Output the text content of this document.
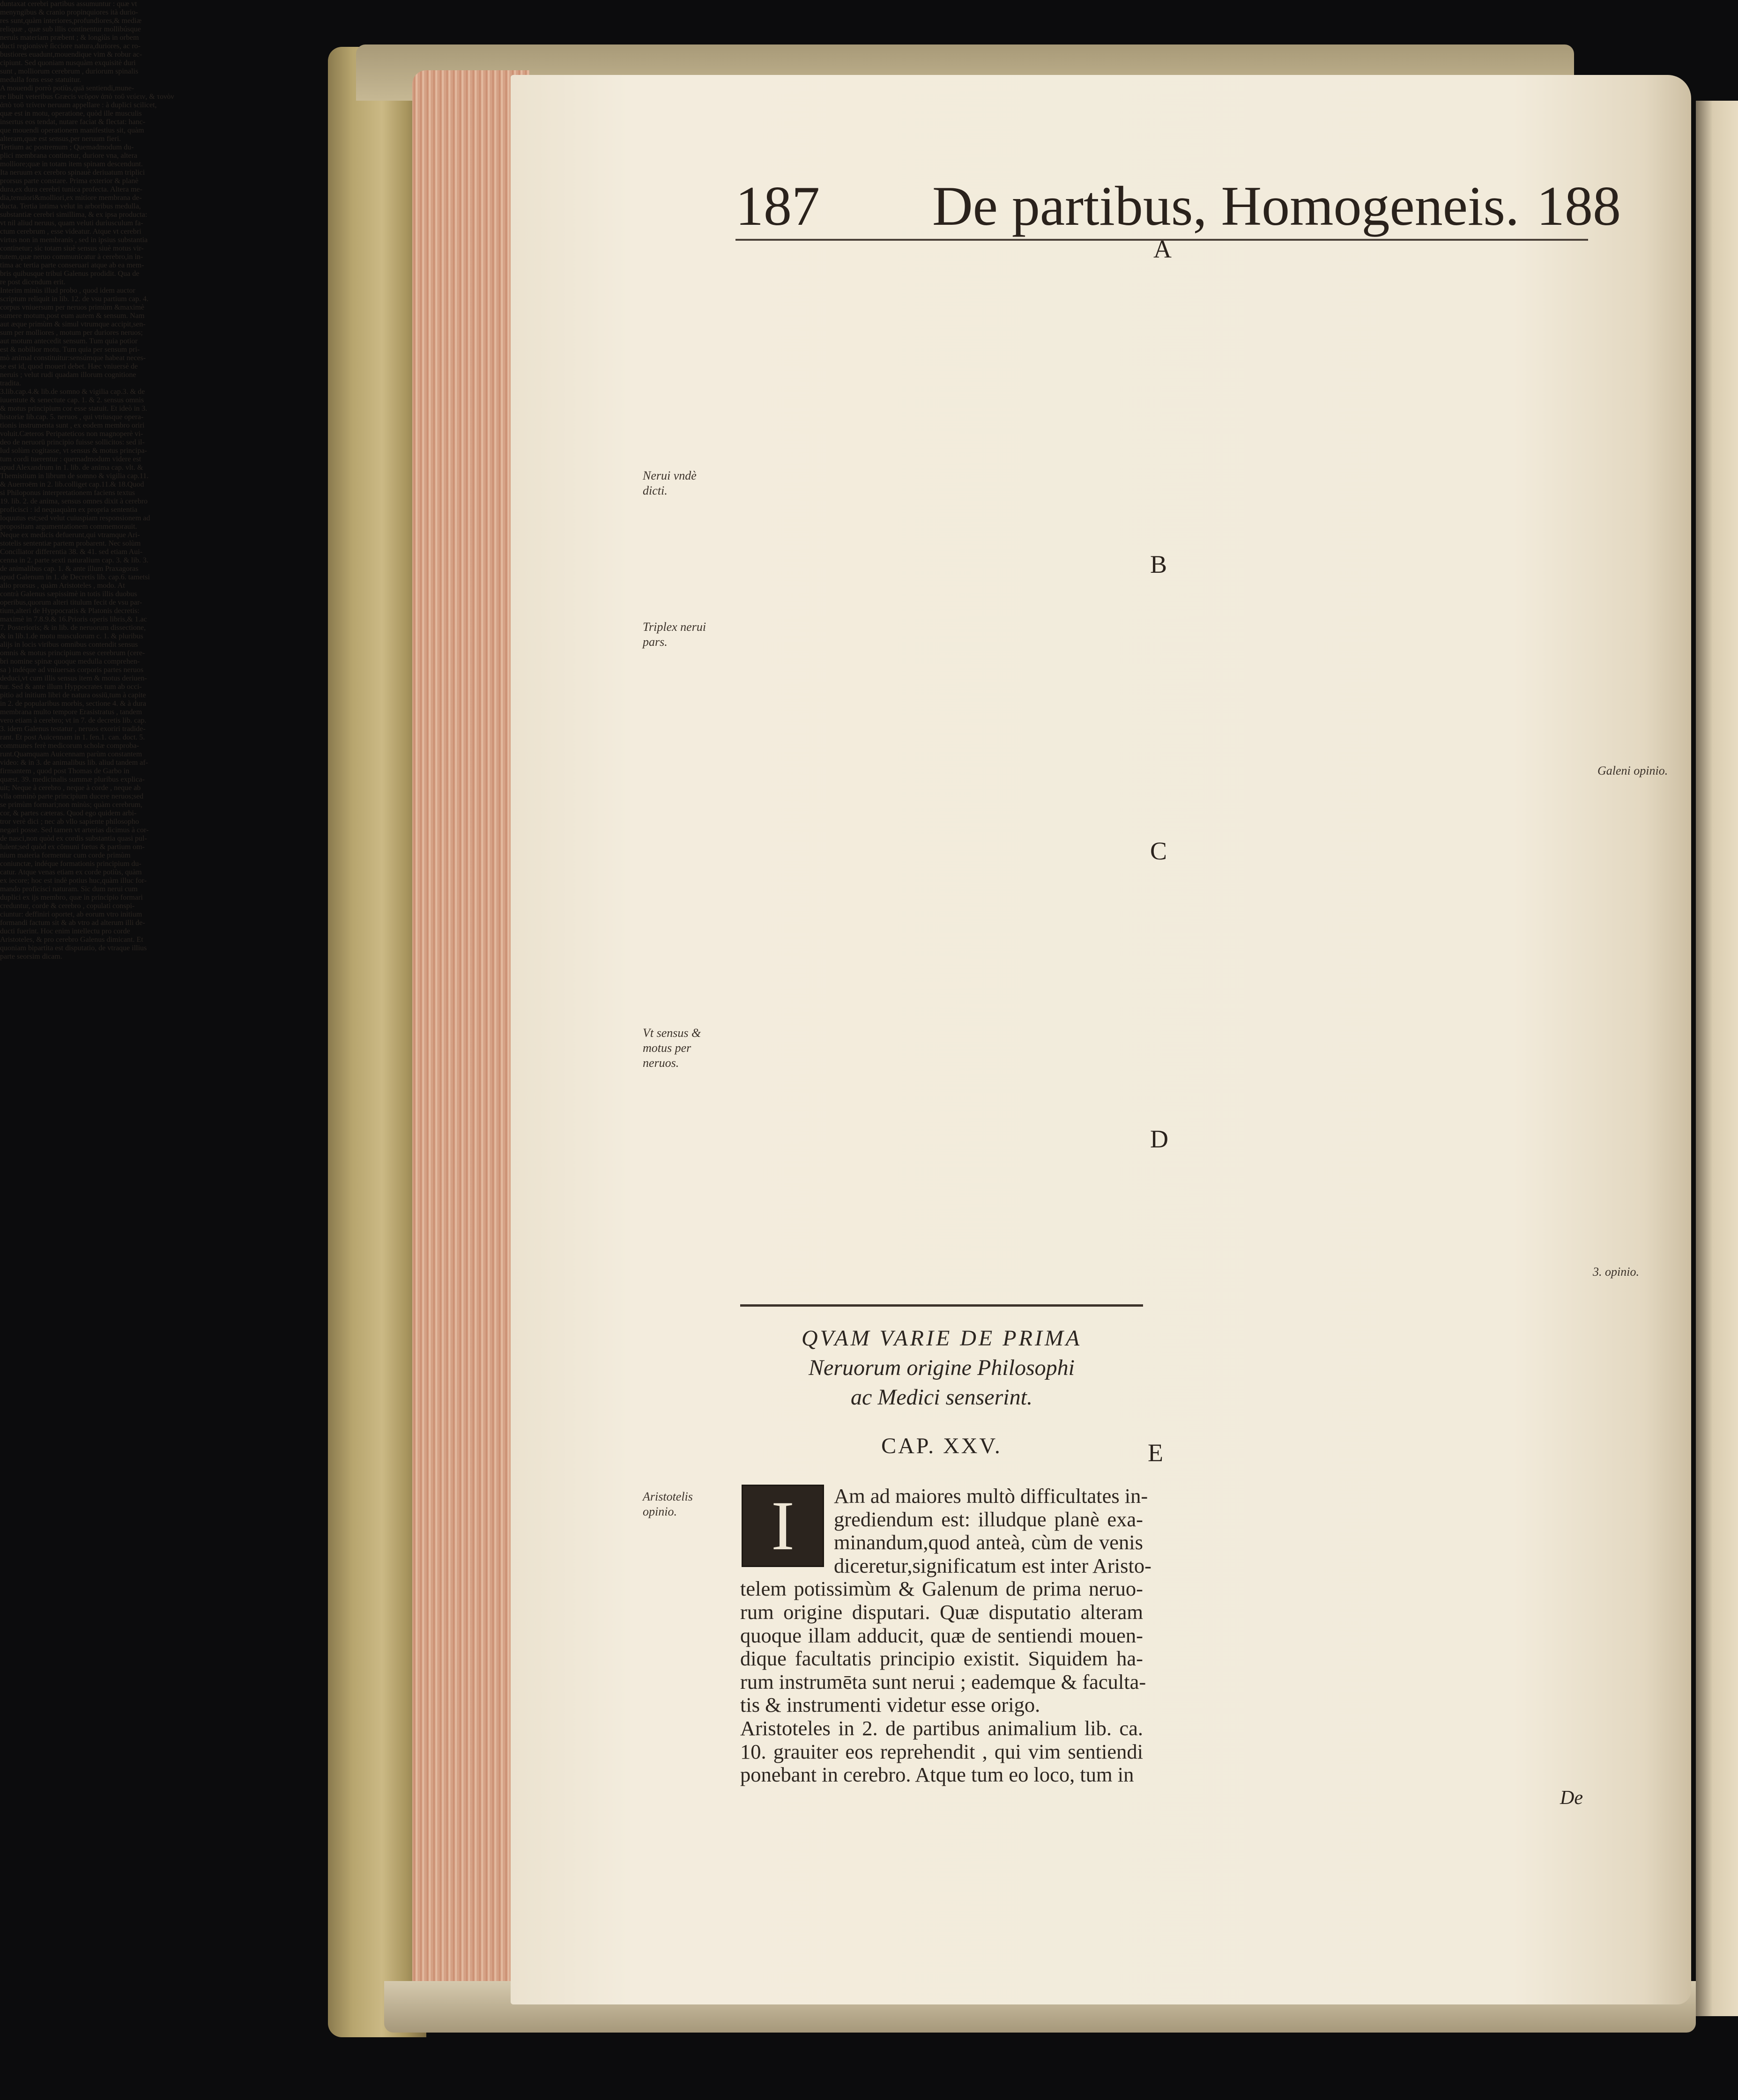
187 De partibus, Homogeneis. 188
A
B
C
D
E
Nerui vndè
dicti.
Triplex nerui
pars.
Vt sensus &
motus per
neruos.
Aristotelis
opinio.
Galeni opinio.
3. opinio.
duntaxat cerebri partibus assumuntur : quæ vt
menyngibus & cranio propinquiores ità durio-
res sunt,quàm interiores,profundiores,& mediæ
reliquæ , quæ sub illis continentur mollibúsque
neruis materiam præbent ; & longiùs in orbem
ducti regionisvè ſicciore natura,duriores, ac ro-
bustiores euadunt,mouendique vim & robur ac-
cipiunt. Sed quoniam nusquàm exquisitè duri
sunt , molliorum cerebrum , duriorum spinalis
medulla fons esse statuitur.
A mouendi porrò potiùs,quā sentiendi,mune-
re libuit veteribus Græcis νεῦρον ἀπὸ τοῦ νεύειν, & τονὸν
ἀπὸ τοῦ τείνειν neruum appellare : à duplici scilicet,
quæ est in motu, operatione, quòd ille musculis
insertus eos tendat, nutare faciat & flectat: hanc-
que mouendi operationem manifestius sit, quàm
alteram,quæ est sensus,per neruum fieri.
Tertium ac postremum ; Quemadmodum du-
plici membrana continetur, duriore vna, altera
molliore;quæ in totam item spinam descendunt.
Ita neruum ex cerebro spinauè deriuatum triplici
prorsus parte constare. Prima exterior & planè
dura,ex dura cerebri tunica profecta. Altera me-
dia,tenuiori&molliori,ex mitiore membrana de-
ducta. Tertia intima velut in arboribus medulla,
substantiæ cerebri simillima, & ex ipsa producta:
vt nil aliud neruus, quam veluti duriusculum fa-
ctum cerebrum , esse videatur. Atque vt cerebri
virtus non in membranis , sed in ipsius substantia
continetur; sic totam siuè sensus siuè motus vir-
tutem,quæ neruo communicatur à cerebro,in in-
tima ac tertia parte conseruari atque ab ea mem-
bris quibusque tribui Galenus prodidit. Qua de
re post dicendum erit.
Interim minùs illud probo , quod idem auctor
scriptum reliquit in lib. 12. de vsu partium cap. 4.
corpus vniuersum per neruos primùm &maximè
sumere motum,post eum autem & sensum. Nam
aut æque primùm & simul vtrumque accipit,sen-
sum per molliores , motum per duriores neruos;
aut motum antecedit sensum. Tum quia potior
est & nobilior motu. Tum quia per sensum pri-
mò animal constituitur:sensúmque habeat neces-
se est id, quod moueri debet. Hæc vniuersè de
neruis ; velut rudi quadam illorum cognitione
tradita.
QVAM VARIE DE PRIMA
Neruorum origine Philosophi
ac Medici senserint.
CAP. XXV.
Am ad maiores multò difficultates in-
grediendum est: illudque planè exa-
minandum,quod anteà, cùm de venis
diceretur,significatum est inter Aristo-
telem potissimùm & Galenum de prima neruo-
rum origine disputari. Quæ disputatio alteram
quoque illam adducit, quæ de sentiendi mouen-
dique facultatis principio existit. Siquidem ha-
rum instrumēta sunt nerui ; eademque & faculta-
tis & instrumenti videtur esse origo.
Aristoteles in 2. de partibus animalium lib. ca.
10. grauiter eos reprehendit , qui vim sentiendi
ponebant in cerebro. Atque tum eo loco, tum in
I
3.lib.cap.4.& lib.de somno & vigilia cap.3. & de
iuuentute & senectute cap. 1. & 2. sensus omnis
& motus principium cor esse statuit. Et ideò in 3.
historiæ lib.cap. 5. neruos , qui vtriusque opera-
tionis instrumenta sunt , ex eodem membro oriri
voluit.Cæteros Peripateticos non magnoperè vi-
deo de neruorū principio fuisse sollicitos: sed il-
lud solùm cogitasse, vt sensus & motus principa-
tum cordi tuerentur : quemadmodum videre est
apud Alexandrum in 1. lib. de anima cap. vlt. &
Themistium in librum de somno & vigilia cap.11.
& Auerroëm in 2. lib.colliget cap.11.& 18.Quod
si Philoponus interpretationem faciens textus
19. lib. 2. de anima, sensus omnes dixit à cerebro
proficisci : id nequaquàm ex propria sententia
loquutus est;sed velut cuiuspiam responsionem ad
propositam argumentationem commemorauit.
Neque ex medicis defuerunt,qui vtramque Ari-
stotelis sententiæ partem probarent. Nec solùm
Conciliator differentia 38. & 41. sed etiam Aui-
cenna in 2. parte sexti naturalium cap. 3. & lib. 3.
de animalibus cap. 1. & ante illum Praxagoras
apud Galenum in 1. de Decretis lib. cap.6. tametsi
alio prorsus , quàm Aristoteles , modo. At
contrà Galenus sæpissimè in totis illis duobus
operibus,quorum alteri titulum fecit de vsu par-
tium,alteri de Hyppocratis & Platonis decretis:
maximè in 7.8.9.& 16.Prioris operis libris,& 1.ac
7. Posterioris; & in lib. de neruorum dissectione,
& in lib.1.de motu musculorum c. 1. & pluribus
alijs in locis viribus omnibus contendit sensus
omnis & motus principium esse cerebrum (cere-
bri nomine spinæ quoque medulla comprehen-
sa ) indéque ad vniuersas corporis partes neruos
deduci,vt cum illis sensus item & motus deriuen-
tur. Sed & ante illum Hyppocrates tum ab occi-
pitio ad initium libri de natura ossiū,tum à capite
in 2. de popularibus morbis, sectione 4. & à dura
membrana multo tempore Erasistratus , tandem
vero etiam à cerebro; vt in 7. de decretis lib. cap.
3. idem Galenus testatur , neruos exoriri tradide-
rant. Et post Auicennam in 1. fen.1. can. doct. 5.
communes ferè medicorum scholæ comproba-
runt.Quamquam Auicennam parùm constantem
video: & in 3. de animalibus lib. aliud tandem af-
firmantem , quod post Thomas de Garbo in
quæst. 39. medicinalis summæ pluribus explica-
uit; Neque à cerebro , neque à corde , neque ab
vlla omninò parte principium ducere neruos;sed
se primùm formari;non minùs; quàm cerebrum,
cor, & partes cæteras. Quod ego quidem arbi-
tror verè dici ; nec ab vllo sapiente philosopho
negari posse. Sed tamen vt arterias dicimus à cor-
de nasci,non quòd ex cordis substantia quasi pul-
lulent;sed quòd ex cōmuni fœtus & partium om-
nium materia formentur cum corde primùm
coniunctæ, indéque formationis principium du-
catur. Atque venas etiam ex corde potiùs, quàm
ex iecore; hoc est indè potius huc,quàm illuc for-
mando proficisci naturam. Sic dum nerui cum
duplici ex ijs membro, quæ in principio formari
creduntur, corde & cerebro , copulati conspi-
ciuntur: deffiniri oportet, ab eorum vtro initium
formandi factum sit & ab vtro ad alterum illi de-
ducti fuerint. Hoc enim intellectu pro corde
Aristoteles, & pro cerebro Galenus dimicant. Et
quoniam bipartita est disputatio, de vtraque illius
parte seorsim dicam.
De
